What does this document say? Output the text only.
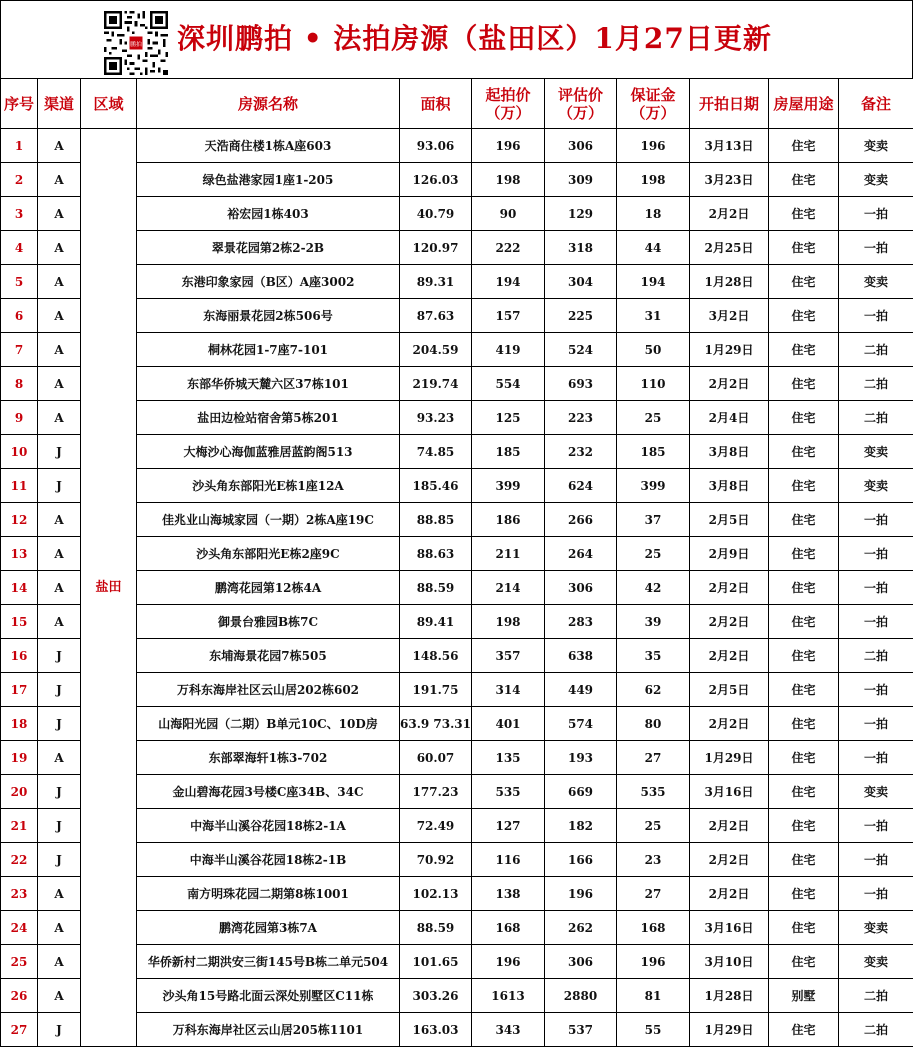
鹏拍 深圳鹏拍 • 法拍房源（盐田区）1月27日更新
序号	渠道	区域	房源名称	面积	起拍价（万）	评估价（万）	保证金（万）	开拍日期	房屋用途	备注
1	A	盐田	天浩商住楼1栋A座603	93.06	196	306	196	3月13日	住宅	变卖
2	A		绿色盐港家园1座1-205	126.03	198	309	198	3月23日	住宅	变卖
3	A		裕宏园1栋403	40.79	90	129	18	2月2日	住宅	一拍
4	A		翠景花园第2栋2-2B	120.97	222	318	44	2月25日	住宅	一拍
5	A		东港印象家园（B区）A座3002	89.31	194	304	194	1月28日	住宅	变卖
6	A		东海丽景花园2栋506号	87.63	157	225	31	3月2日	住宅	一拍
7	A		桐林花园1-7座7-101	204.59	419	524	50	1月29日	住宅	二拍
8	A		东部华侨城天麓六区37栋101	219.74	554	693	110	2月2日	住宅	二拍
9	A		盐田边检站宿舍第5栋201	93.23	125	223	25	2月4日	住宅	二拍
10	J		大梅沙心海伽蓝雅居蓝韵阁513	74.85	185	232	185	3月8日	住宅	变卖
11	J		沙头角东部阳光E栋1座12A	185.46	399	624	399	3月8日	住宅	变卖
12	A		佳兆业山海城家园（一期）2栋A座19C	88.85	186	266	37	2月5日	住宅	一拍
13	A		沙头角东部阳光E栋2座9C	88.63	211	264	25	2月9日	住宅	一拍
14	A		鹏湾花园第12栋4A	88.59	214	306	42	2月2日	住宅	一拍
15	A		御景台雅园B栋7C	89.41	198	283	39	2月2日	住宅	一拍
16	J		东埔海景花园7栋505	148.56	357	638	35	2月2日	住宅	二拍
17	J		万科东海岸社区云山居202栋602	191.75	314	449	62	2月5日	住宅	一拍
18	J		山海阳光园（二期）B单元10C、10D房	63.9 73.31	401	574	80	2月2日	住宅	一拍
19	A		东部翠海轩1栋3-702	60.07	135	193	27	1月29日	住宅	一拍
20	J		金山碧海花园3号楼C座34B、34C	177.23	535	669	535	3月16日	住宅	变卖
21	J		中海半山溪谷花园18栋2-1A	72.49	127	182	25	2月2日	住宅	一拍
22	J		中海半山溪谷花园18栋2-1B	70.92	116	166	23	2月2日	住宅	一拍
23	A		南方明珠花园二期第8栋1001	102.13	138	196	27	2月2日	住宅	一拍
24	A		鹏湾花园第3栋7A	88.59	168	262	168	3月16日	住宅	变卖
25	A		华侨新村二期洪安三街145号B栋二单元504	101.65	196	306	196	3月10日	住宅	变卖
26	A		沙头角15号路北面云深处别墅区C11栋	303.26	1613	2880	81	1月28日	别墅	二拍
27	J		万科东海岸社区云山居205栋1101	163.03	343	537	55	1月29日	住宅	二拍
